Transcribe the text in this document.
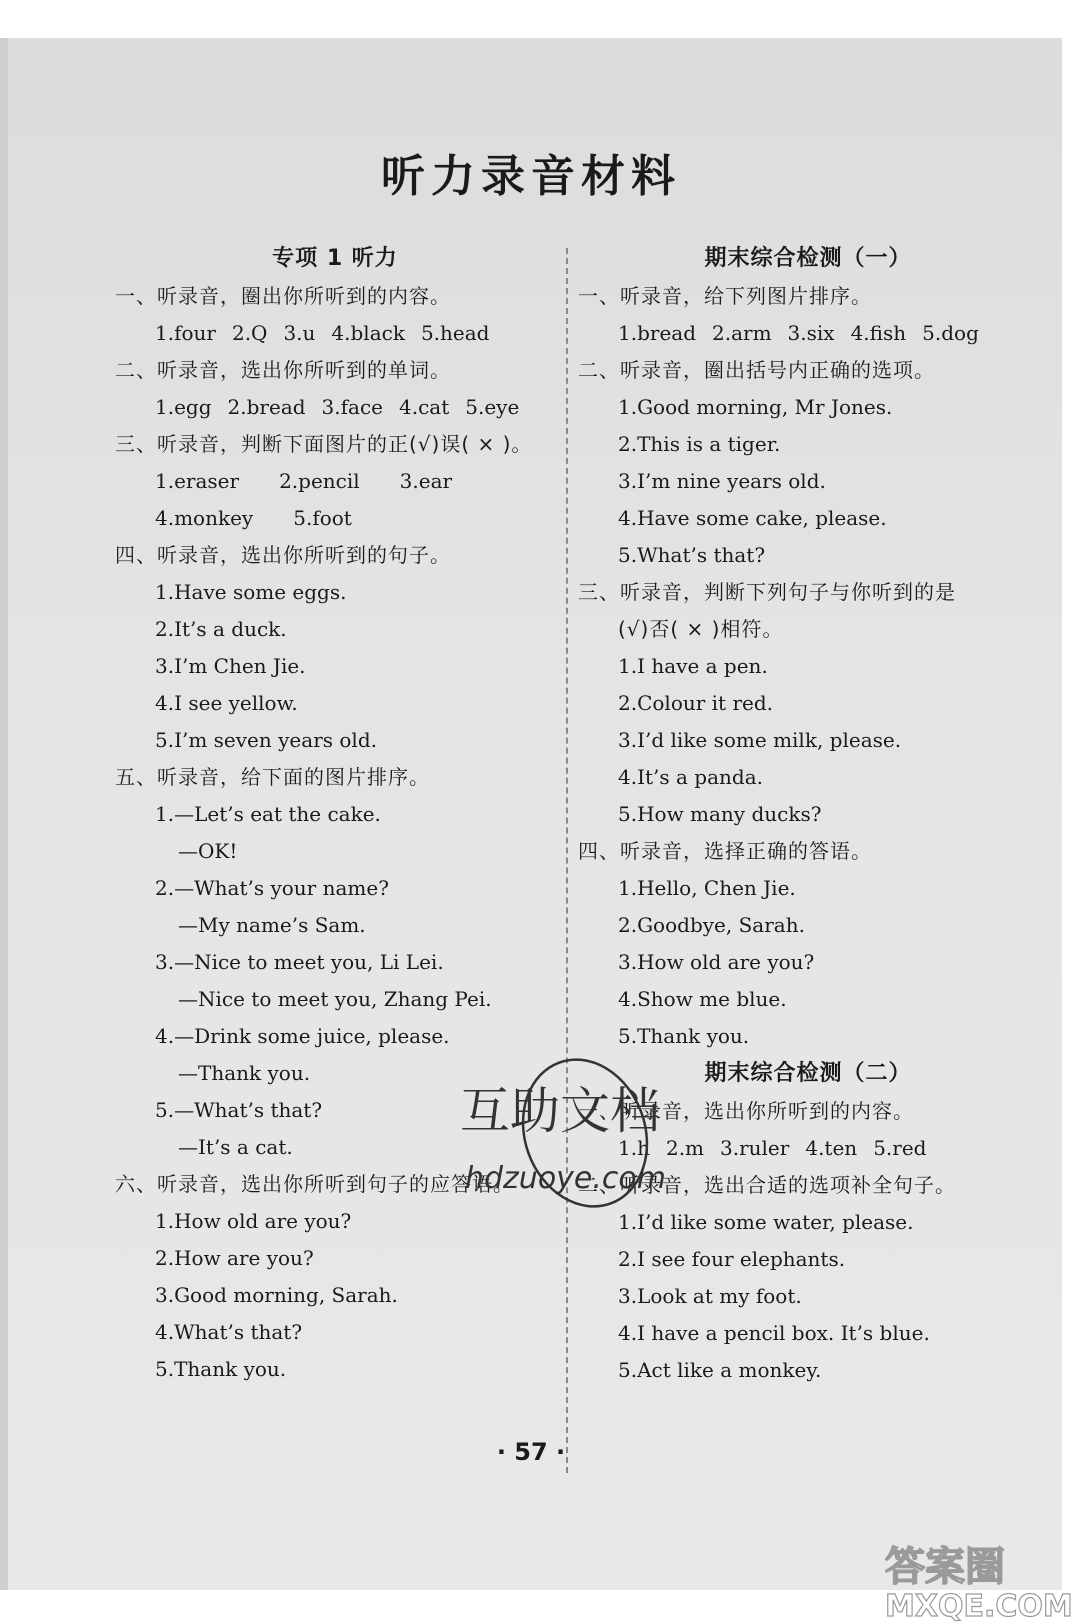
听力录音材料
专项 1 听力
一、听录音，圈出你所听到的内容。
1.four 2.Q 3.u 4.black 5.head
二、听录音，选出你所听到的单词。
1.egg 2.bread 3.face 4.cat 5.eye
三、听录音，判断下面图片的正(√)误( × )。
1.eraser 2.pencil 3.ear
4.monkey 5.foot
四、听录音，选出你所听到的句子。
1.Have some eggs.
2.It’s a duck.
3.I’m Chen Jie.
4.I see yellow.
5.I’m seven years old.
五、听录音，给下面的图片排序。
1.—Let’s eat the cake.
—OK!
2.—What’s your name?
—My name’s Sam.
3.—Nice to meet you, Li Lei.
—Nice to meet you, Zhang Pei.
4.—Drink some juice, please.
—Thank you.
5.—What’s that?
—It’s a cat.
六、听录音，选出你所听到句子的应答语。
1.How old are you?
2.How are you?
3.Good morning, Sarah.
4.What’s that?
5.Thank you.
期末综合检测（一）
一、听录音，给下列图片排序。
1.bread 2.arm 3.six 4.fish 5.dog
二、听录音，圈出括号内正确的选项。
1.Good morning, Mr Jones.
2.This is a tiger.
3.I’m nine years old.
4.Have some cake, please.
5.What’s that?
三、听录音，判断下列句子与你听到的是
(√)否( × )相符。
1.I have a pen.
2.Colour it red.
3.I’d like some milk, please.
4.It’s a panda.
5.How many ducks?
四、听录音，选择正确的答语。
1.Hello, Chen Jie.
2.Goodbye, Sarah.
3.How old are you?
4.Show me blue.
5.Thank you.
期末综合检测（二）
一、听录音，选出你所听到的内容。
1.h 2.m 3.ruler 4.ten 5.red
二、听录音，选出合适的选项补全句子。
1.I’d like some water, please.
2.I see four elephants.
3.Look at my foot.
4.I have a pencil box. It’s blue.
5.Act like a monkey.
· 57 ·
互助文档
hdzuoye.com
答案圈
MXQE.COM
